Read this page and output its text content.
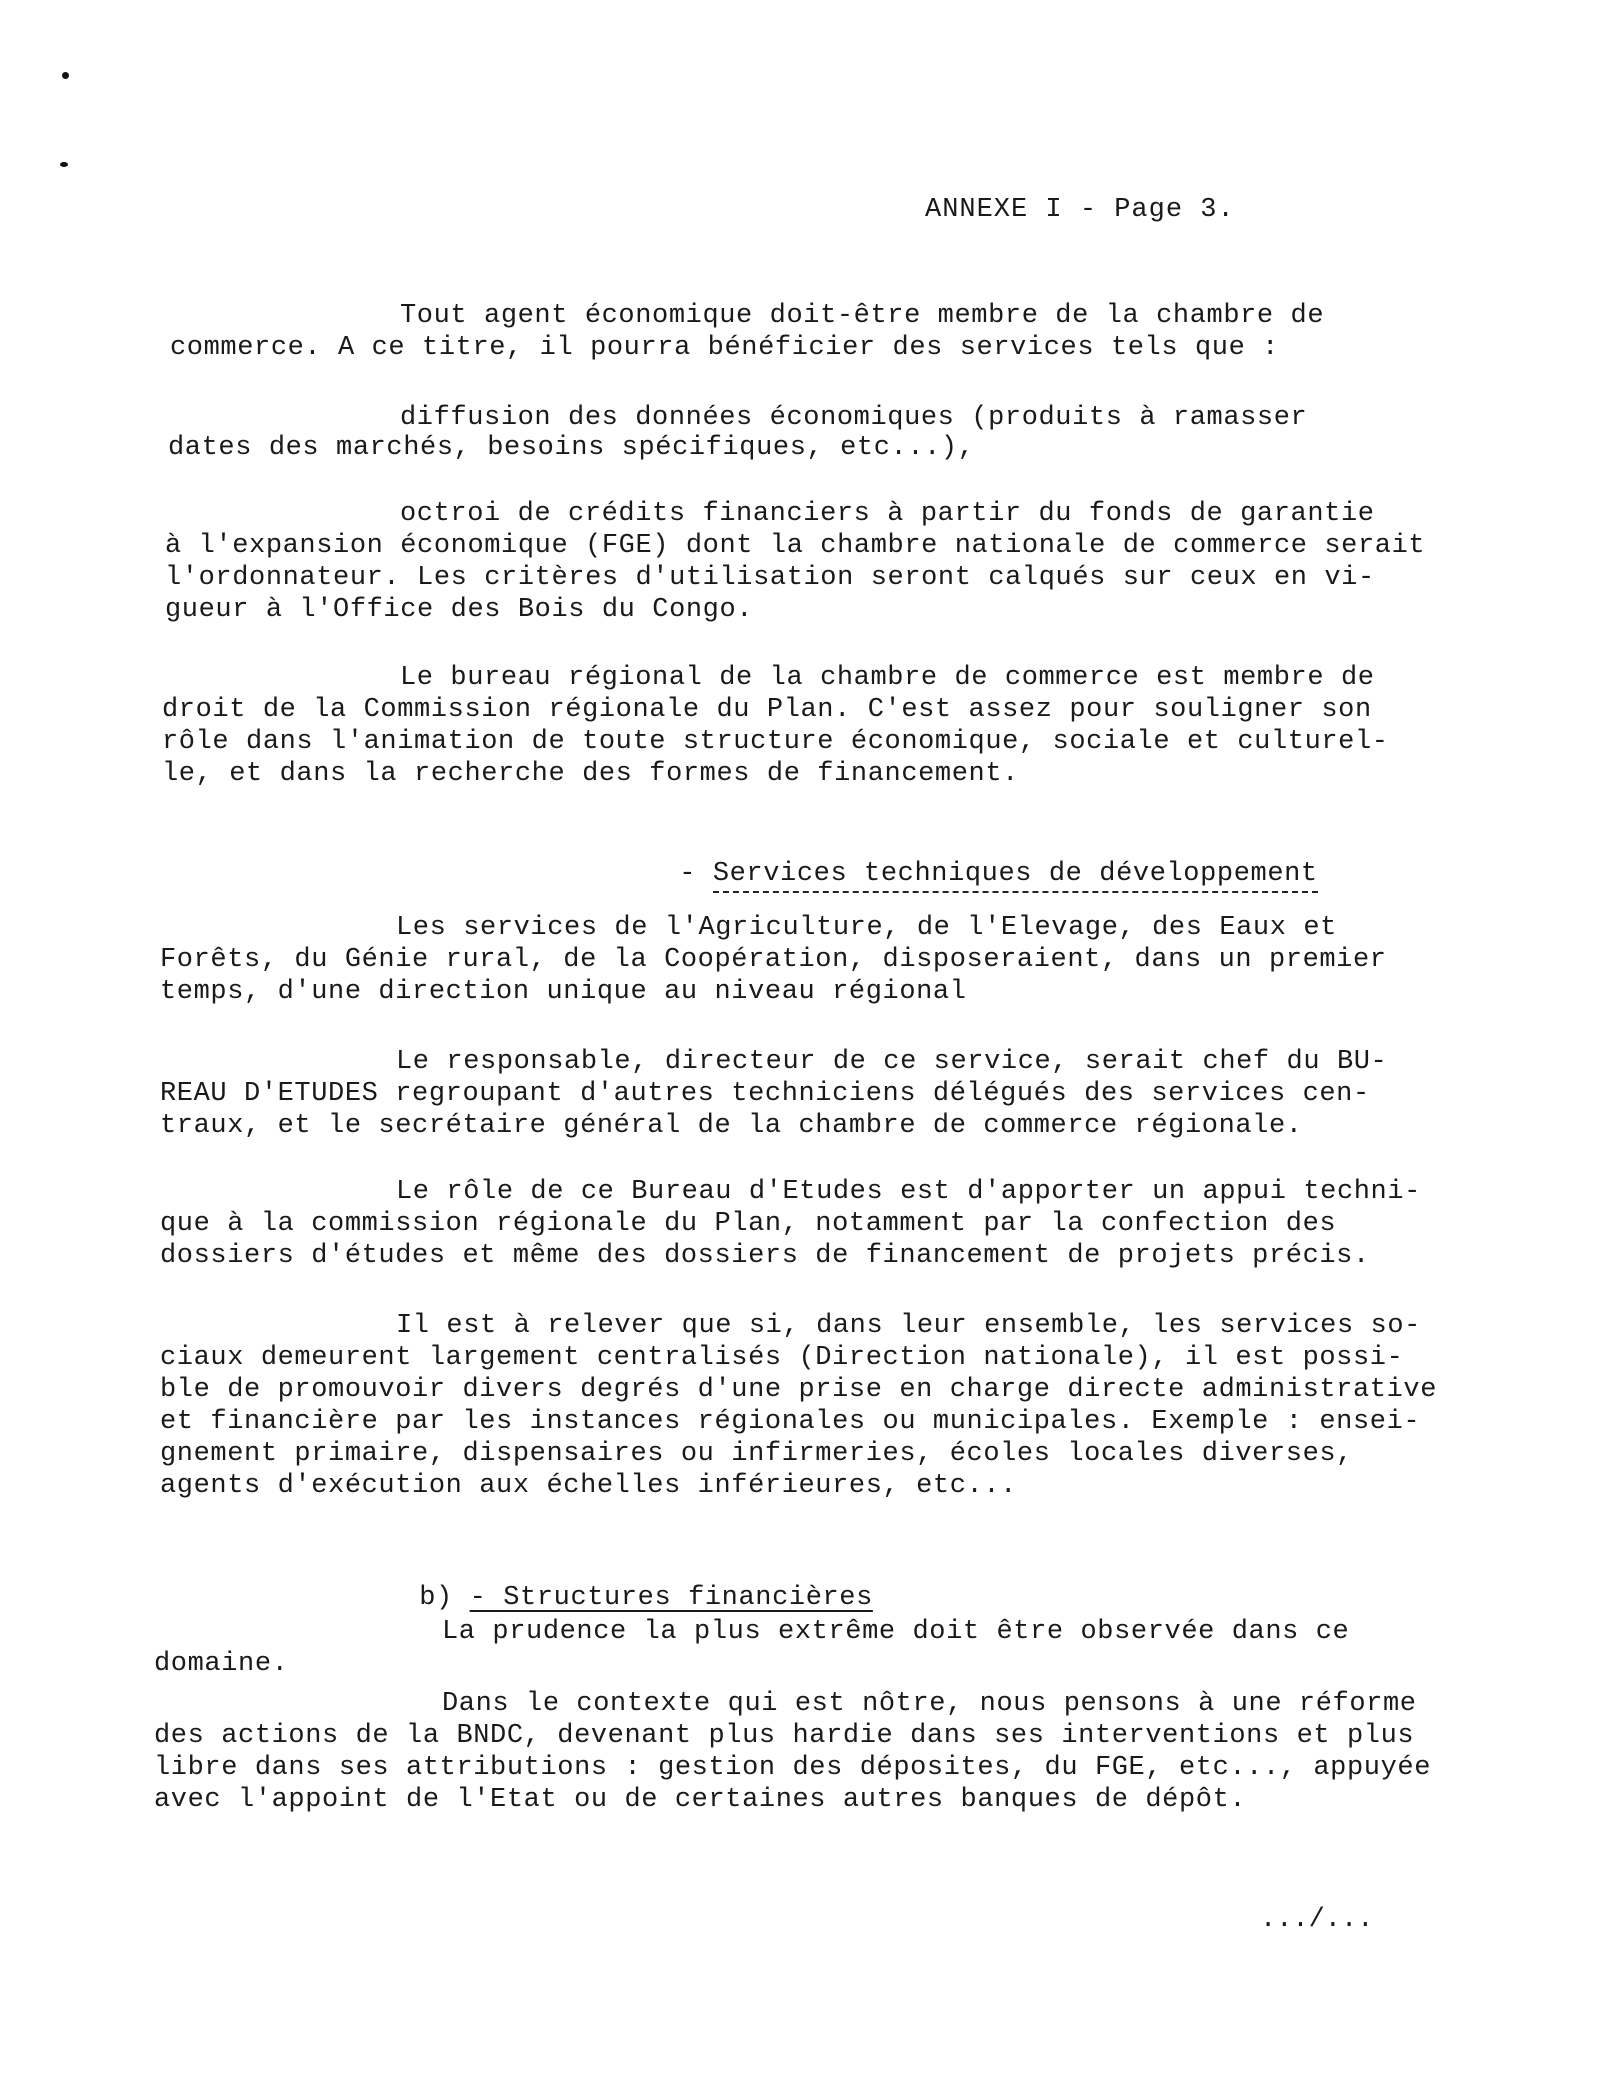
ANNEXE I - Page 3.
Tout agent économique doit-être membre de la chambre de
commerce. A ce titre, il pourra bénéficier des services tels que :
diffusion des données économiques (produits à ramasser
dates des marchés, besoins spécifiques, etc...),
octroi de crédits financiers à partir du fonds de garantie
à l'expansion économique (FGE) dont la chambre nationale de commerce serait
l'ordonnateur. Les critères d'utilisation seront calqués sur ceux en vi-
gueur à l'Office des Bois du Congo.
Le bureau régional de la chambre de commerce est membre de
droit de la Commission régionale du Plan. C'est assez pour souligner son
rôle dans l'animation de toute structure économique, sociale et culturel-
le, et dans la recherche des formes de financement.

- Services techniques de développement

Les services de l'Agriculture, de l'Elevage, des Eaux et
Forêts, du Génie rural, de la Coopération, disposeraient, dans un premier
temps, d'une direction unique au niveau régional
Le responsable, directeur de ce service, serait chef du BU-
REAU D'ETUDES regroupant d'autres techniciens délégués des services cen-
traux, et le secrétaire général de la chambre de commerce régionale.
Le rôle de ce Bureau d'Etudes est d'apporter un appui techni-
que à la commission régionale du Plan, notamment par la confection des
dossiers d'études et même des dossiers de financement de projets précis.
Il est à relever que si, dans leur ensemble, les services so-
ciaux demeurent largement centralisés (Direction nationale), il est possi-
ble de promouvoir divers degrés d'une prise en charge directe administrative
et financière par les instances régionales ou municipales. Exemple : ensei-
gnement primaire, dispensaires ou infirmeries, écoles locales diverses,
agents d'exécution aux échelles inférieures, etc...

b) - Structures financières

La prudence la plus extrême doit être observée dans ce
domaine.
Dans le contexte qui est nôtre, nous pensons à une réforme
des actions de la BNDC, devenant plus hardie dans ses interventions et plus
libre dans ses attributions : gestion des déposites, du FGE, etc..., appuyée
avec l'appoint de l'Etat ou de certaines autres banques de dépôt.
.../...
